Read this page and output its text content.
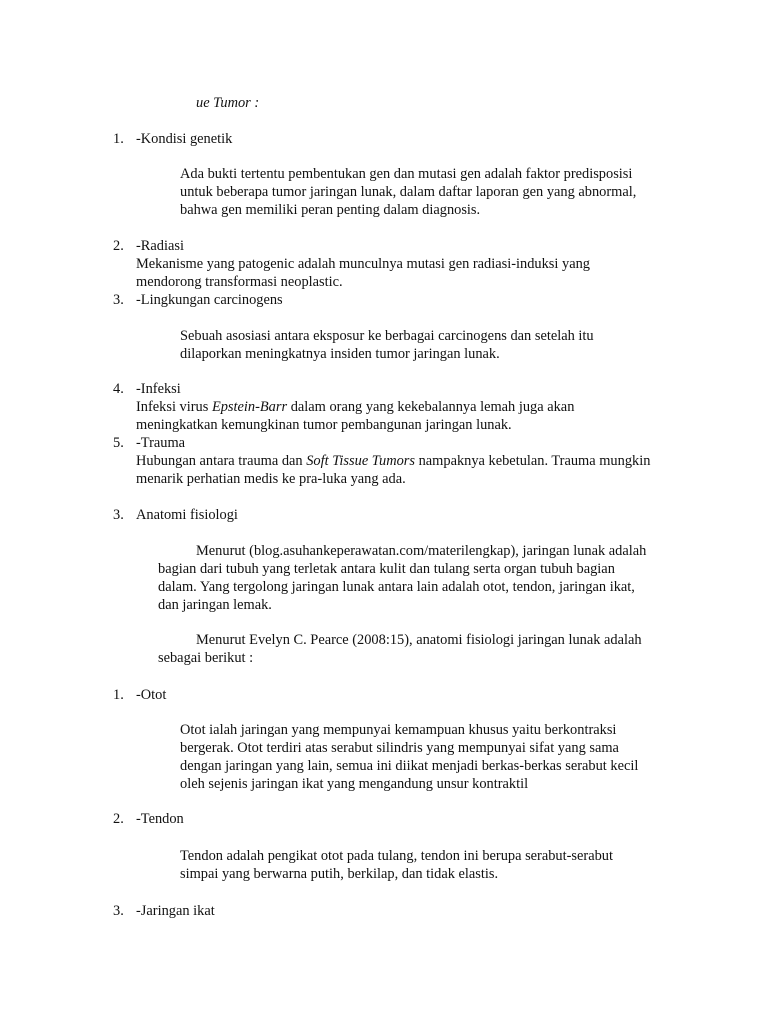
ue Tumor :
1. -Kondisi genetik
Ada bukti tertentu pembentukan gen dan mutasi gen adalah faktor predisposisi
untuk beberapa tumor jaringan lunak, dalam daftar laporan gen yang abnormal,
bahwa gen memiliki peran penting dalam diagnosis.
2. -Radiasi
Mekanisme yang patogenic adalah munculnya mutasi gen radiasi-induksi yang
mendorong transformasi neoplastic.
3. -Lingkungan carcinogens
Sebuah asosiasi antara eksposur ke berbagai carcinogens dan setelah itu
dilaporkan meningkatnya insiden tumor jaringan lunak.
4. -Infeksi
Infeksi virus Epstein-Barr dalam orang yang kekebalannya lemah juga akan
meningkatkan kemungkinan tumor pembangunan jaringan lunak.
5. -Trauma
Hubungan antara trauma dan Soft Tissue Tumors nampaknya kebetulan. Trauma mungkin
menarik perhatian medis ke pra-luka yang ada.
3. Anatomi fisiologi
Menurut (blog.asuhankeperawatan.com/materilengkap), jaringan lunak adalah
bagian dari tubuh yang terletak antara kulit dan tulang serta organ tubuh bagian
dalam. Yang tergolong jaringan lunak antara lain adalah otot, tendon, jaringan ikat,
dan jaringan lemak.
Menurut Evelyn C. Pearce (2008:15), anatomi fisiologi jaringan lunak adalah
sebagai berikut :
1. -Otot
Otot ialah jaringan yang mempunyai kemampuan khusus yaitu berkontraksi
bergerak. Otot terdiri atas serabut silindris yang mempunyai sifat yang sama
dengan jaringan yang lain, semua ini diikat menjadi berkas-berkas serabut kecil
oleh sejenis jaringan ikat yang mengandung unsur kontraktil
2. -Tendon
Tendon adalah pengikat otot pada tulang, tendon ini berupa serabut-serabut
simpai yang berwarna putih, berkilap, dan tidak elastis.
3. -Jaringan ikat
